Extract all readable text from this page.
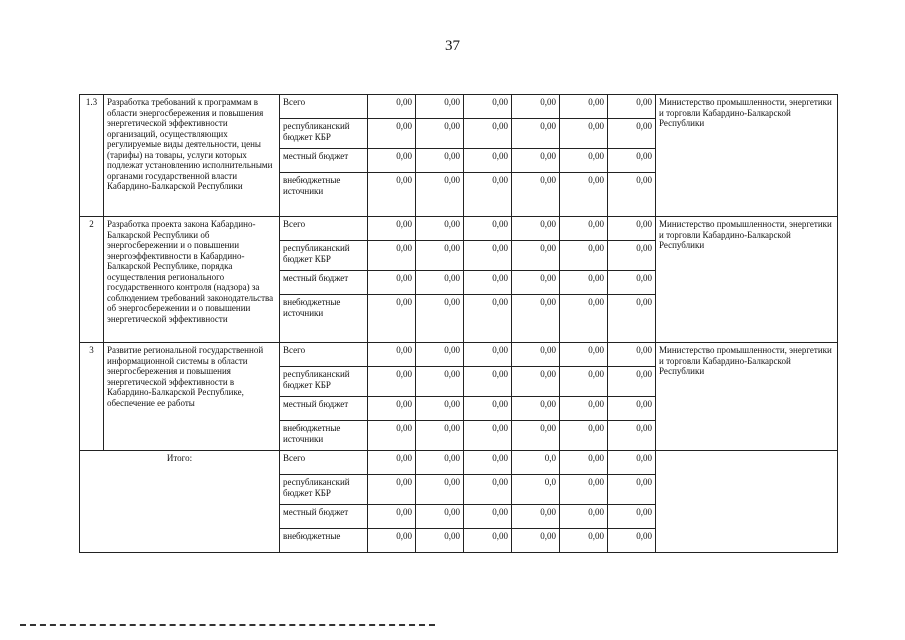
37
1.3	Разработка требований к программам в области энергосбережения и повышения энергетической эффективности организаций, осуществляющих регулируемые виды деятельности, цены (тарифы) на товары, услуги которых подлежат установлению исполнительными органами государственной власти Кабардино-Балкарской Республики	Всего	0,00	0,00	0,00	0,00	0,00	0,00	Министерство промышленности, энергетики и торговли Кабардино-Балкарской Республики
		республиканский бюджет КБР	0,00	0,00	0,00	0,00	0,00	0,00	
		местный бюджет	0,00	0,00	0,00	0,00	0,00	0,00	
		внебюджетные источники	0,00	0,00	0,00	0,00	0,00	0,00	
2	Разработка проекта закона Кабардино-Балкарской Республики об энергосбережении и о повышении энергоэффективности в Кабардино-Балкарской Республике, порядка осуществления регионального государственного контроля (надзора) за соблюдением требований законодательства об энергосбережении и о повышении энергетической эффективности	Всего	0,00	0,00	0,00	0,00	0,00	0,00	Министерство промышленности, энергетики и торговли Кабардино-Балкарской Республики
		республиканский бюджет КБР	0,00	0,00	0,00	0,00	0,00	0,00	
		местный бюджет	0,00	0,00	0,00	0,00	0,00	0,00	
		внебюджетные источники	0,00	0,00	0,00	0,00	0,00	0,00	
3	Развитие региональной государственной информационной системы в области энергосбережения и повышения энергетической эффективности в Кабардино-Балкарской Республике, обеспечение ее работы	Всего	0,00	0,00	0,00	0,00	0,00	0,00	Министерство промышленности, энергетики и торговли Кабардино-Балкарской Республики
		республиканский бюджет КБР	0,00	0,00	0,00	0,00	0,00	0,00	
		местный бюджет	0,00	0,00	0,00	0,00	0,00	0,00	
		внебюджетные источники	0,00	0,00	0,00	0,00	0,00	0,00	
Итого:		Всего	0,00	0,00	0,00	0,0	0,00	0,00	
		республиканский бюджет КБР	0,00	0,00	0,00	0,0	0,00	0,00	
		местный бюджет	0,00	0,00	0,00	0,00	0,00	0,00	
		внебюджетные	0,00	0,00	0,00	0,00	0,00	0,00	
